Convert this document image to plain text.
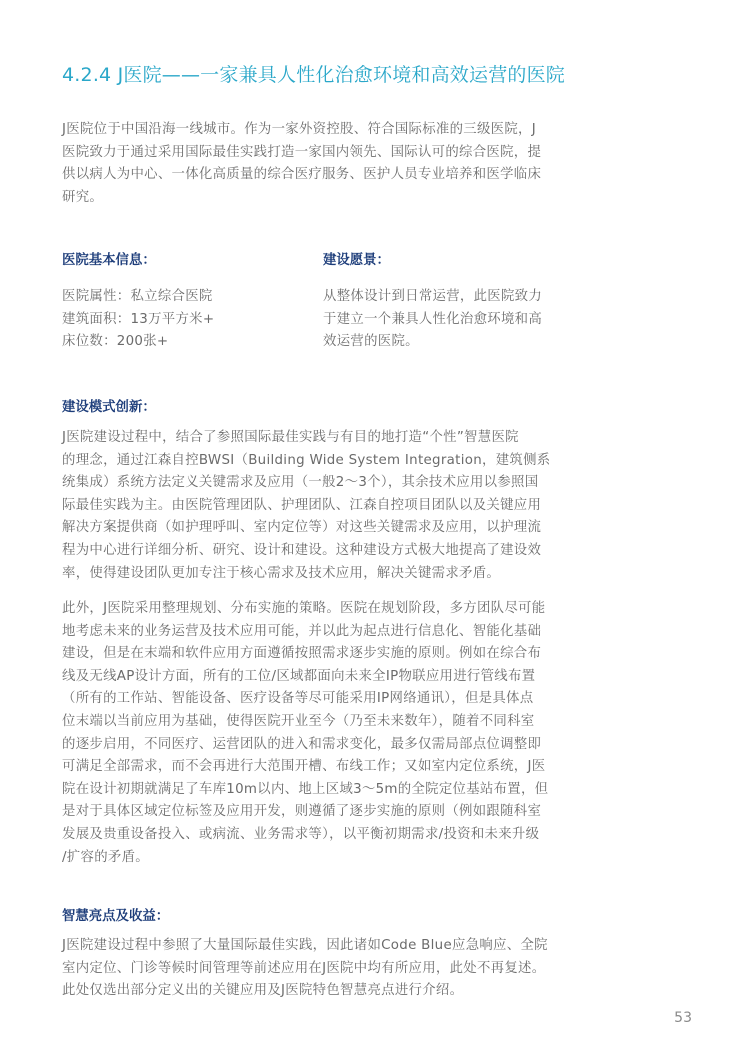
4.2.4 J医院——一家兼具人性化治愈环境和高效运营的医院
J医院位于中国沿海一线城市。作为一家外资控股、符合国际标准的三级医院，J
医院致力于通过采用国际最佳实践打造一家国内领先、国际认可的综合医院，提
供以病人为中心、一体化高质量的综合医疗服务、医护人员专业培养和医学临床
研究。
医院基本信息：
医院属性：私立综合医院
建筑面积：13万平方米+
床位数：200张+
建设愿景：
从整体设计到日常运营，此医院致力
于建立一个兼具人性化治愈环境和高
效运营的医院。
建设模式创新：
J医院建设过程中，结合了参照国际最佳实践与有目的地打造“个性”智慧医院
的理念，通过江森自控BWSI（Building Wide System Integration，建筑侧系
统集成）系统方法定义关键需求及应用（一般2～3个），其余技术应用以参照国
际最佳实践为主。由医院管理团队、护理团队、江森自控项目团队以及关键应用
解决方案提供商（如护理呼叫、室内定位等）对这些关键需求及应用，以护理流
程为中心进行详细分析、研究、设计和建设。这种建设方式极大地提高了建设效
率，使得建设团队更加专注于核心需求及技术应用，解决关键需求矛盾。
此外，J医院采用整理规划、分布实施的策略。医院在规划阶段，多方团队尽可能
地考虑未来的业务运营及技术应用可能，并以此为起点进行信息化、智能化基础
建设，但是在末端和软件应用方面遵循按照需求逐步实施的原则。例如在综合布
线及无线AP设计方面，所有的工位/区域都面向未来全IP物联应用进行管线布置
（所有的工作站、智能设备、医疗设备等尽可能采用IP网络通讯），但是具体点
位末端以当前应用为基础，使得医院开业至今（乃至未来数年），随着不同科室
的逐步启用，不同医疗、运营团队的进入和需求变化，最多仅需局部点位调整即
可满足全部需求，而不会再进行大范围开槽、布线工作；又如室内定位系统，J医
院在设计初期就满足了车库10m以内、地上区域3～5m的全院定位基站布置，但
是对于具体区域定位标签及应用开发，则遵循了逐步实施的原则（例如跟随科室
发展及贵重设备投入、或病流、业务需求等），以平衡初期需求/投资和未来升级
/扩容的矛盾。
智慧亮点及收益：
J医院建设过程中参照了大量国际最佳实践，因此诸如Code Blue应急响应、全院
室内定位、门诊等候时间管理等前述应用在J医院中均有所应用，此处不再复述。
此处仅选出部分定义出的关键应用及J医院特色智慧亮点进行介绍。
53
